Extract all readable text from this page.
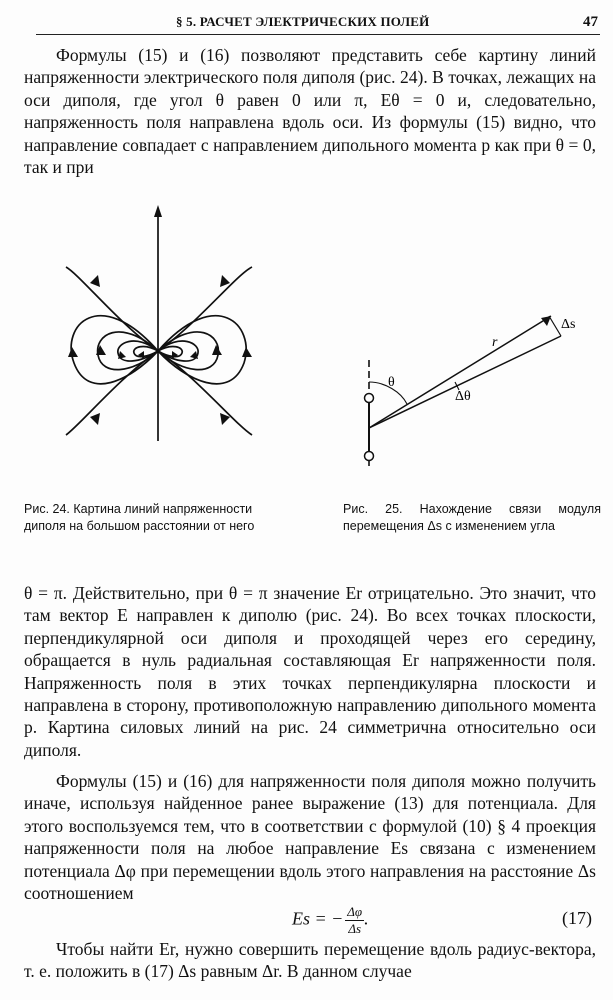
§ 5. РАСЧЕТ ЭЛЕКТРИЧЕСКИХ ПОЛЕЙ	47
Формулы (15) и (16) позволяют представить себе картину линий напряженности электрического поля диполя (рис. 24). В точках, лежащих на оси диполя, где угол θ равен 0 или π, Eθ = 0 и, следовательно, напряженность поля направлена вдоль оси. Из формулы (15) видно, что направление совпадает с направлением дипольного момента p как при θ = 0, так и при
θ
r
Δs
Δθ
Рис. 24. Картина линий напряженности диполя на большом расстоянии от него
Рис. 25. Нахождение связи модуля перемещения Δs с изменением угла
θ = π. Действительно, при θ = π значение Er отрицательно. Это значит, что там вектор E направлен к диполю (рис. 24). Во всех точках плоскости, перпендикулярной оси диполя и проходящей через его середину, обращается в нуль радиальная составляющая Er напряженности поля. Напряженность поля в этих точках перпендикулярна плоскости и направлена в сторону, противоположную направлению дипольного момента p. Картина силовых линий на рис. 24 симметрична относительно оси диполя.
Формулы (15) и (16) для напряженности поля диполя можно получить иначе, используя найденное ранее выражение (13) для потенциала. Для этого воспользуемся тем, что в соответствии с формулой (10) § 4 проекция напряженности поля на любое направление Es связана с изменением потенциала Δφ при перемещении вдоль этого направления на расстояние Δs соотношением
Es = − $\frac{\Delta\varphi}{\Delta s}$ .	(17)
Чтобы найти Er, нужно совершить перемещение вдоль радиус-вектора, т. е. положить в (17) Δs равным Δr. В данном случае
